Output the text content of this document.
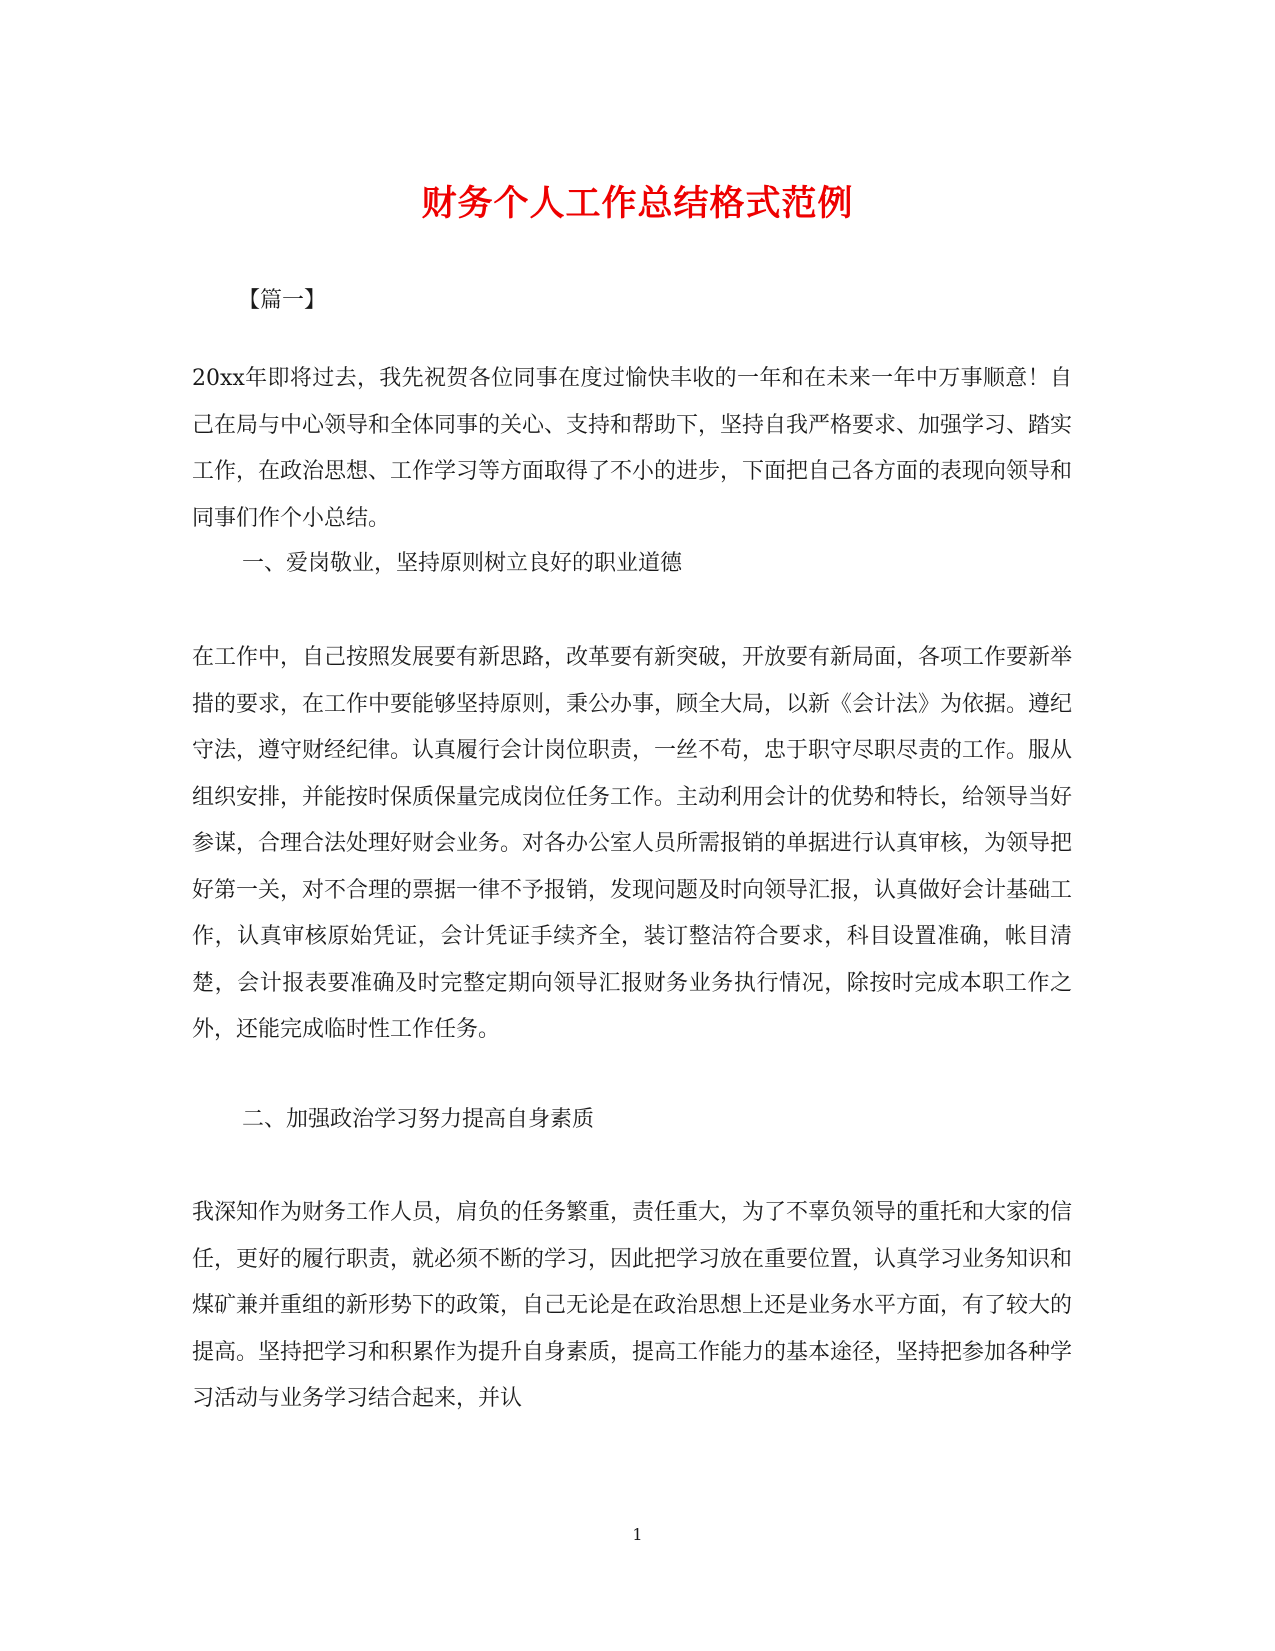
财务个人工作总结格式范例
【篇一】

20xx年即将过去，我先祝贺各位同事在度过愉快丰收的一年和在未来一年中万事顺意！自己在局与中心领导和全体同事的关心、支持和帮助下，坚持自我严格要求、加强学习、踏实工作，在政治思想、工作学习等方面取得了不小的进步，下面把自己各方面的表现向领导和同事们作个小总结。

一、爱岗敬业，坚持原则树立良好的职业道德

在工作中，自己按照发展要有新思路，改革要有新突破，开放要有新局面，各项工作要新举措的要求，在工作中要能够坚持原则，秉公办事，顾全大局，以新《会计法》为依据。遵纪守法，遵守财经纪律。认真履行会计岗位职责，一丝不苟，忠于职守尽职尽责的工作。服从组织安排，并能按时保质保量完成岗位任务工作。主动利用会计的优势和特长，给领导当好参谋，合理合法处理好财会业务。对各办公室人员所需报销的单据进行认真审核，为领导把好第一关，对不合理的票据一律不予报销，发现问题及时向领导汇报，认真做好会计基础工作，认真审核原始凭证，会计凭证手续齐全，装订整洁符合要求，科目设置准确，帐目清楚，会计报表要准确及时完整定期向领导汇报财务业务执行情况，除按时完成本职工作之外，还能完成临时性工作任务。

二、加强政治学习努力提高自身素质

我深知作为财务工作人员，肩负的任务繁重，责任重大，为了不辜负领导的重托和大家的信任，更好的履行职责，就必须不断的学习，因此把学习放在重要位置，认真学习业务知识和煤矿兼并重组的新形势下的政策，自己无论是在政治思想上还是业务水平方面，有了较大的提高。坚持把学习和积累作为提升自身素质，提高工作能力的基本途径，坚持把参加各种学习活动与业务学习结合起来，并认

1
